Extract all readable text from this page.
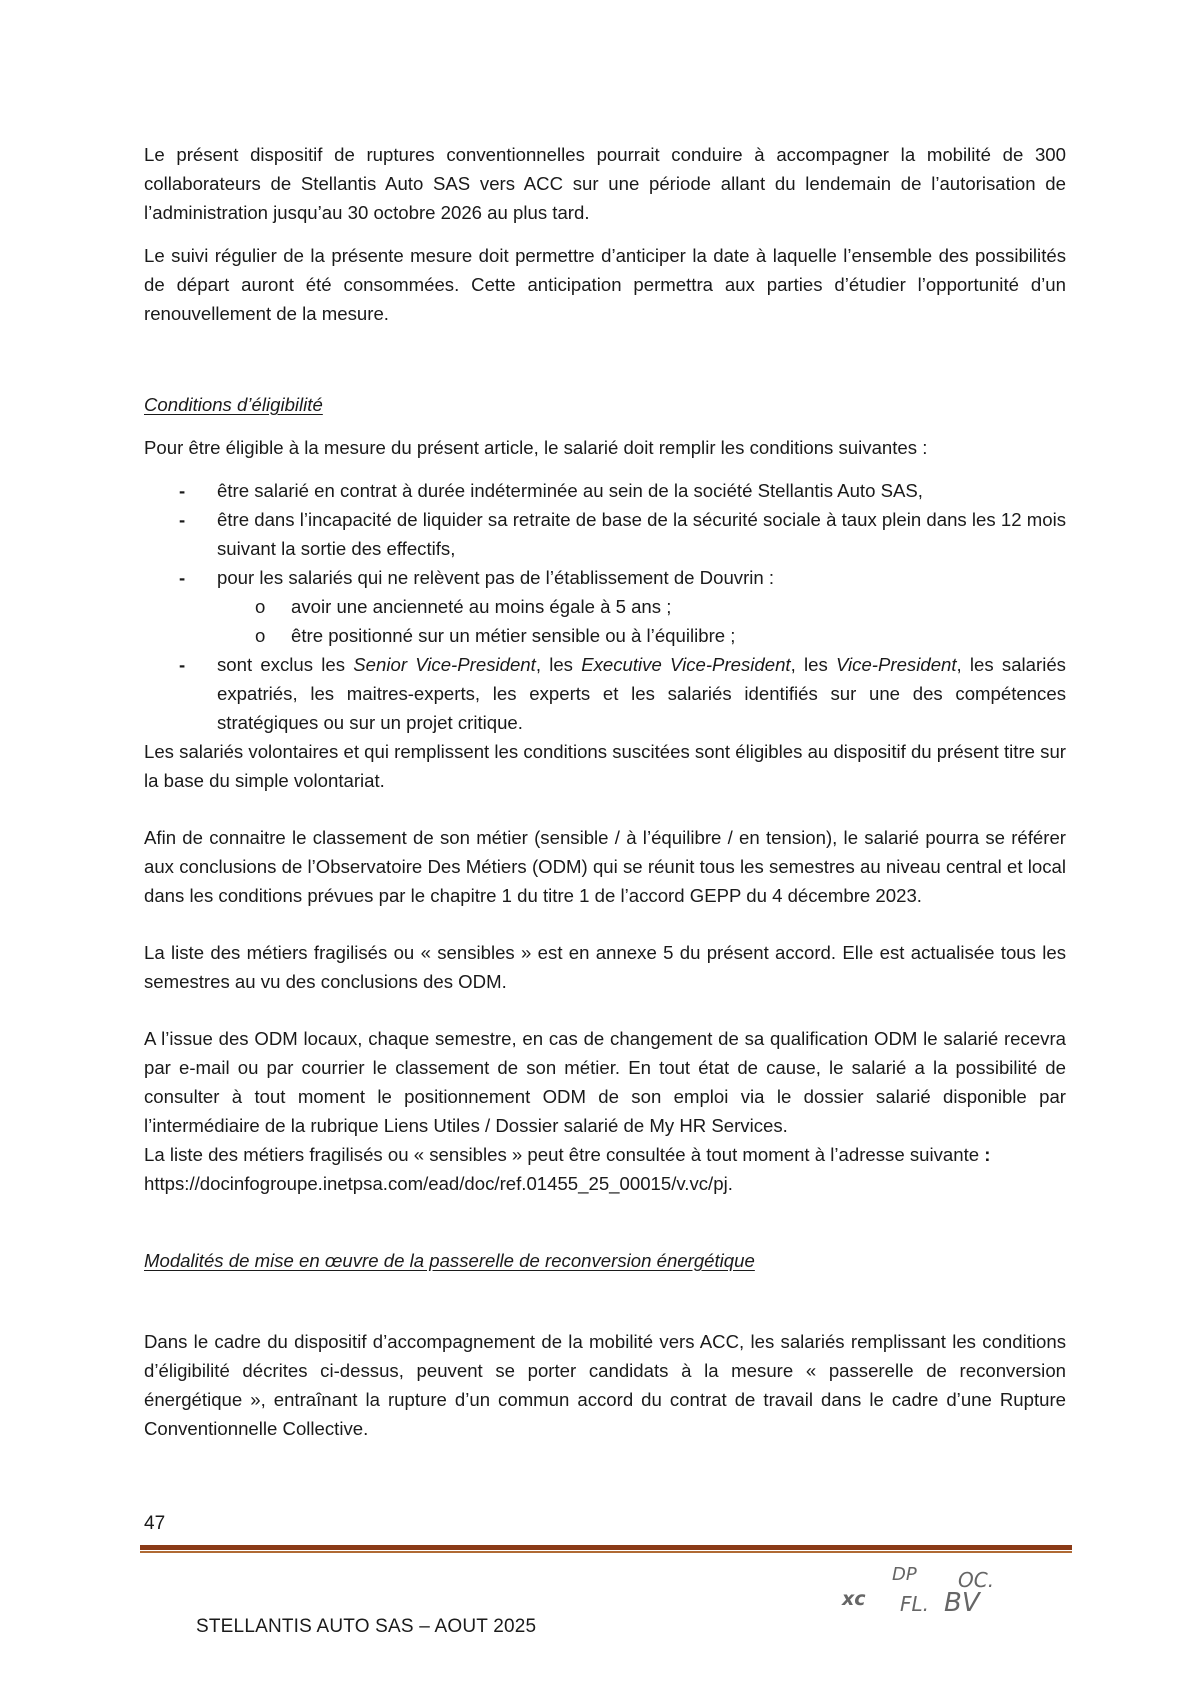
Le présent dispositif de ruptures conventionnelles pourrait conduire à accompagner la mobilité de 300 collaborateurs de Stellantis Auto SAS vers ACC sur une période allant du lendemain de l’autorisation de l’administration jusqu’au 30 octobre 2026 au plus tard.

Le suivi régulier de la présente mesure doit permettre d’anticiper la date à laquelle l’ensemble des possibilités de départ auront été consommées. Cette anticipation permettra aux parties d’étudier l’opportunité d’un renouvellement de la mesure.

Conditions d’éligibilité

Pour être éligible à la mesure du présent article, le salarié doit remplir les conditions suivantes :

- être salarié en contrat à durée indéterminée au sein de la société Stellantis Auto SAS,
- être dans l’incapacité de liquider sa retraite de base de la sécurité sociale à taux plein dans les 12 mois suivant la sortie des effectifs,
- pour les salariés qui ne relèvent pas de l’établissement de Douvrin :
o avoir une ancienneté au moins égale à 5 ans ;
o être positionné sur un métier sensible ou à l’équilibre ;
- sont exclus les Senior Vice-President, les Executive Vice-President, les Vice-President, les salariés expatriés, les maitres-experts, les experts et les salariés identifiés sur une des compétences stratégiques ou sur un projet critique.

Les salariés volontaires et qui remplissent les conditions suscitées sont éligibles au dispositif du présent titre sur la base du simple volontariat.

Afin de connaitre le classement de son métier (sensible / à l’équilibre / en tension), le salarié pourra se référer aux conclusions de l’Observatoire Des Métiers (ODM) qui se réunit tous les semestres au niveau central et local dans les conditions prévues par le chapitre 1 du titre 1 de l’accord GEPP du 4 décembre 2023.

La liste des métiers fragilisés ou « sensibles » est en annexe 5 du présent accord. Elle est actualisée tous les semestres au vu des conclusions des ODM.

A l’issue des ODM locaux, chaque semestre, en cas de changement de sa qualification ODM le salarié recevra par e-mail ou par courrier le classement de son métier. En tout état de cause, le salarié a la possibilité de consulter à tout moment le positionnement ODM de son emploi via le dossier salarié disponible par l’intermédiaire de la rubrique Liens Utiles / Dossier salarié de My HR Services.

La liste des métiers fragilisés ou « sensibles » peut être consultée à tout moment à l’adresse suivante :

https://docinfogroupe.inetpsa.com/ead/doc/ref.01455_25_00015/v.vc/pj.

Modalités de mise en œuvre de la passerelle de reconversion énergétique

Dans le cadre du dispositif d’accompagnement de la mobilité vers ACC, les salariés remplissant les conditions d’éligibilité décrites ci-dessus, peuvent se porter candidats à la mesure « passerelle de reconversion énergétique », entraînant la rupture d’un commun accord du contrat de travail dans le cadre d’une Rupture Conventionnelle Collective.

47
xc
DP OC.
FL. BV
STELLANTIS AUTO SAS – AOUT 2025
